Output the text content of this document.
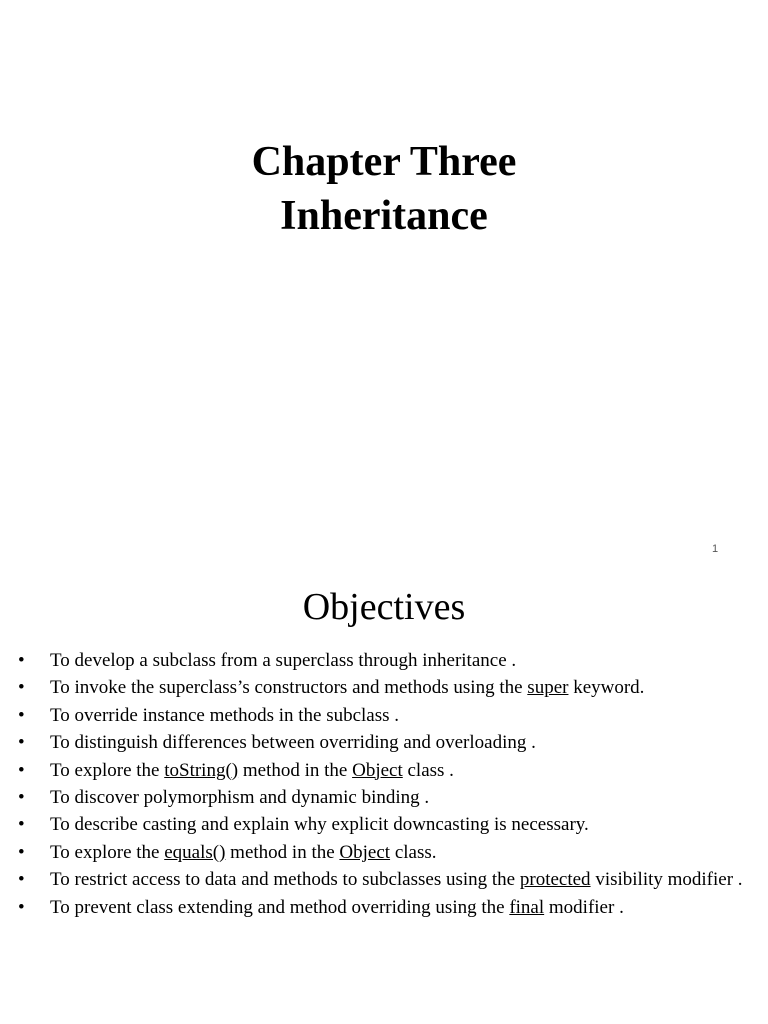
Chapter Three
Inheritance
1
Objectives
• To develop a subclass from a superclass through inheritance .
• To invoke the superclass’s constructors and methods using the super keyword.
• To override instance methods in the subclass .
• To distinguish differences between overriding and overloading .
• To explore the toString() method in the Object class .
• To discover polymorphism and dynamic binding .
• To describe casting and explain why explicit downcasting is necessary.
• To explore the equals() method in the Object class.
• To restrict access to data and methods to subclasses using the protected visibility modifier .
• To prevent class extending and method overriding using the final modifier .
